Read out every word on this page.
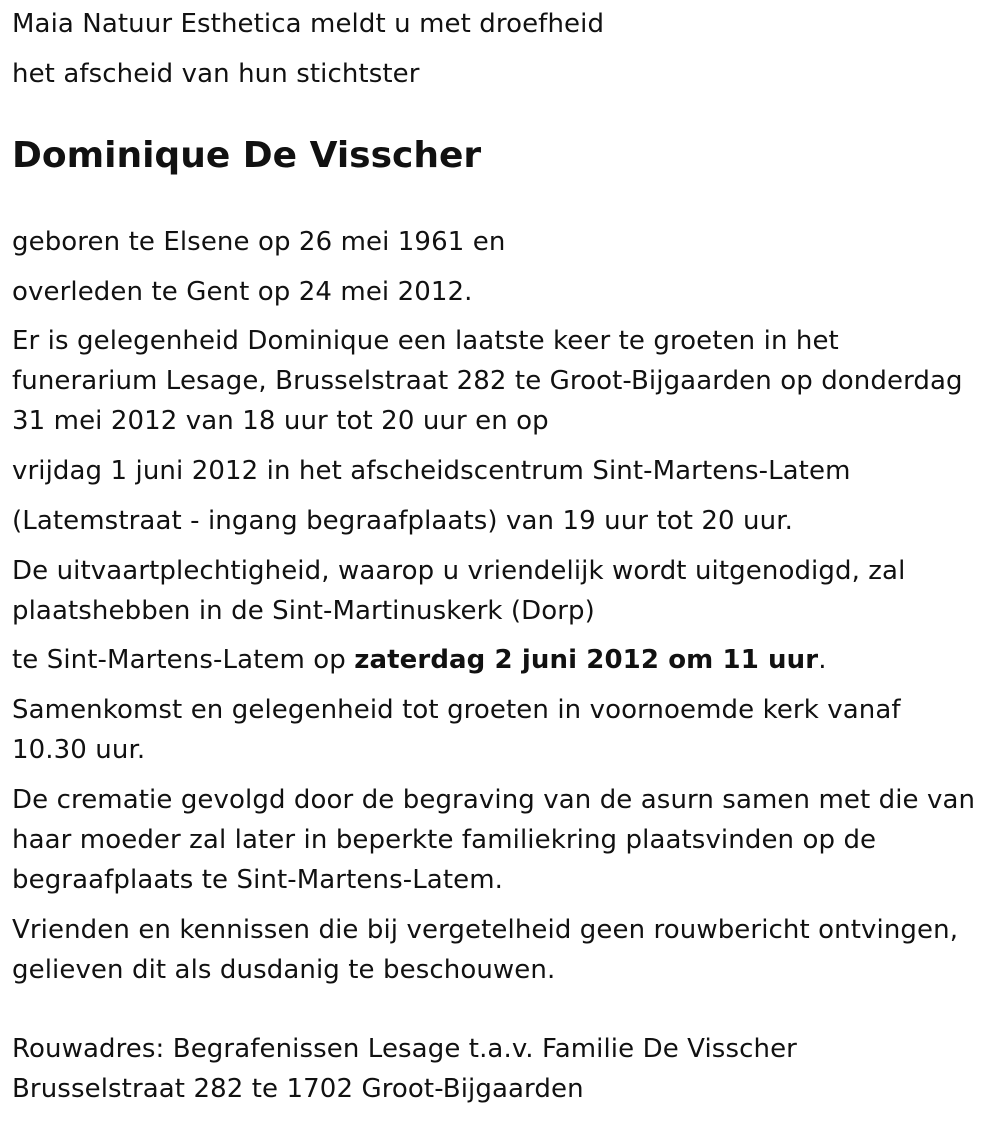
Maia Natuur Esthetica meldt u met droefheid

het afscheid van hun stichtster

Dominique De Visscher

geboren te Elsene op 26 mei 1961 en

overleden te Gent op 24 mei 2012.

Er is gelegenheid Dominique een laatste keer te groeten in het

funerarium Lesage, Brusselstraat 282 te Groot-Bijgaarden op donderdag

31 mei 2012 van 18 uur tot 20 uur en op

vrijdag 1 juni 2012 in het afscheidscentrum Sint-Martens-Latem

(Latemstraat - ingang begraafplaats) van 19 uur tot 20 uur.

De uitvaartplechtigheid, waarop u vriendelijk wordt uitgenodigd, zal

plaatshebben in de Sint-Martinuskerk (Dorp)

te Sint-Martens-Latem op zaterdag 2 juni 2012 om 11 uur.

Samenkomst en gelegenheid tot groeten in voornoemde kerk vanaf

10.30 uur.

De crematie gevolgd door de begraving van de asurn samen met die van

haar moeder zal later in beperkte familiekring plaatsvinden op de

begraafplaats te Sint-Martens-Latem.

Vrienden en kennissen die bij vergetelheid geen rouwbericht ontvingen,

gelieven dit als dusdanig te beschouwen.

Rouwadres: Begrafenissen Lesage t.a.v. Familie De Visscher

Brusselstraat 282 te 1702 Groot-Bijgaarden
